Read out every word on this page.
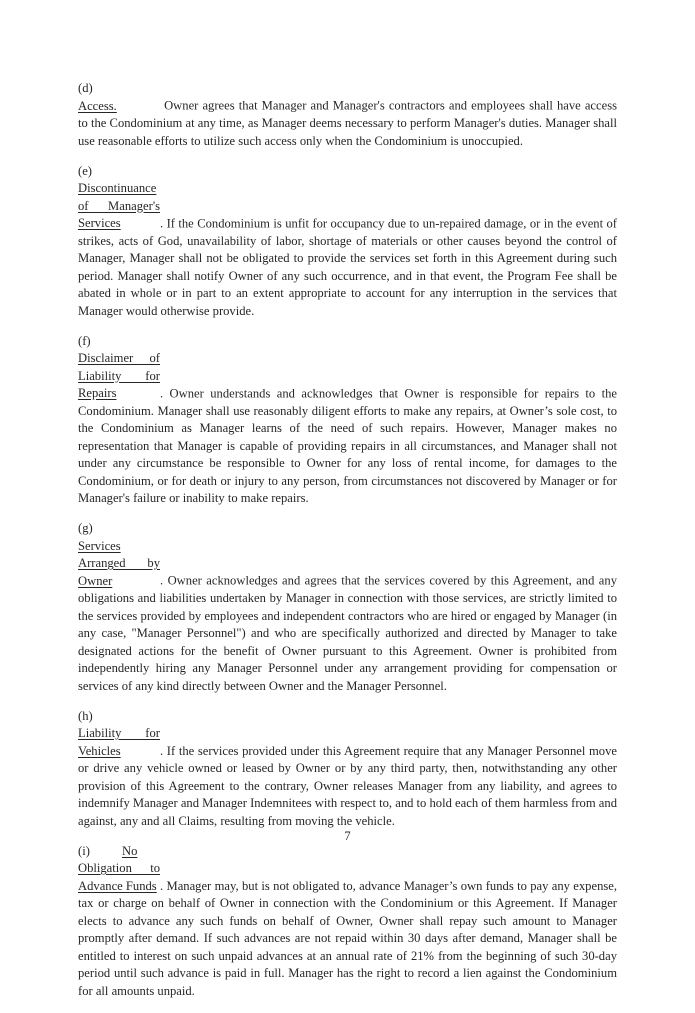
(d)Access.	Owner agrees that Manager and Manager's contractors and employees shall have access to the Condominium at any time, as Manager deems necessary to perform Manager's duties. Manager shall use reasonable efforts to utilize such access only when the Condominium is unoccupied.

(e)Discontinuance of Manager's Services	. If the Condominium is unfit for occupancy due to un-repaired damage, or in the event of strikes, acts of God, unavailability of labor, shortage of materials or other causes beyond the control of Manager, Manager shall not be obligated to provide the services set forth in this Agreement during such period. Manager shall notify Owner of any such occurrence, and in that event, the Program Fee shall be abated in whole or in part to an extent appropriate to account for any interruption in the services that Manager would otherwise provide.

(f)Disclaimer of Liability for Repairs	. Owner understands and acknowledges that Owner is responsible for repairs to the Condominium. Manager shall use reasonably diligent efforts to make any repairs, at Owner’s sole cost, to the Condominium as Manager learns of the need of such repairs. However, Manager makes no representation that Manager is capable of providing repairs in all circumstances, and Manager shall not under any circumstance be responsible to Owner for any loss of rental income, for damages to the Condominium, or for death or injury to any person, from circumstances not discovered by Manager or for Manager's failure or inability to make repairs.

(g)Services Arranged by Owner	. Owner acknowledges and agrees that the services covered by this Agreement, and any obligations and liabilities undertaken by Manager in connection with those services, are strictly limited to the services provided by employees and independent contractors who are hired or engaged by Manager (in any case, "Manager Personnel") and who are specifically authorized and directed by Manager to take designated actions for the benefit of Owner pursuant to this Agreement. Owner is prohibited from independently hiring any Manager Personnel under any arrangement providing for compensation or services of any kind directly between Owner and the Manager Personnel.

(h)Liability for Vehicles	. If the services provided under this Agreement require that any Manager Personnel move or drive any vehicle owned or leased by Owner or by any third party, then, notwithstanding any other provision of this Agreement to the contrary, Owner releases Manager from any liability, and agrees to indemnify Manager and Manager Indemnitees with respect to, and to hold each of them harmless from and against, any and all Claims, resulting from moving the vehicle.

(i)	No Obligation to Advance Funds . Manager may, but is not obligated to, advance Manager’s own funds to pay any expense, tax or charge on behalf of Owner in connection with the Condominium or this Agreement. If Manager elects to advance any such funds on behalf of Owner, Owner shall repay such amount to Manager promptly after demand. If such advances are not repaid within 30 days after demand, Manager shall be entitled to interest on such unpaid advances at an annual rate of 21% from the beginning of such 30-day period until such advance is paid in full. Manager has the right to record a lien against the Condominium for all amounts unpaid.

7
